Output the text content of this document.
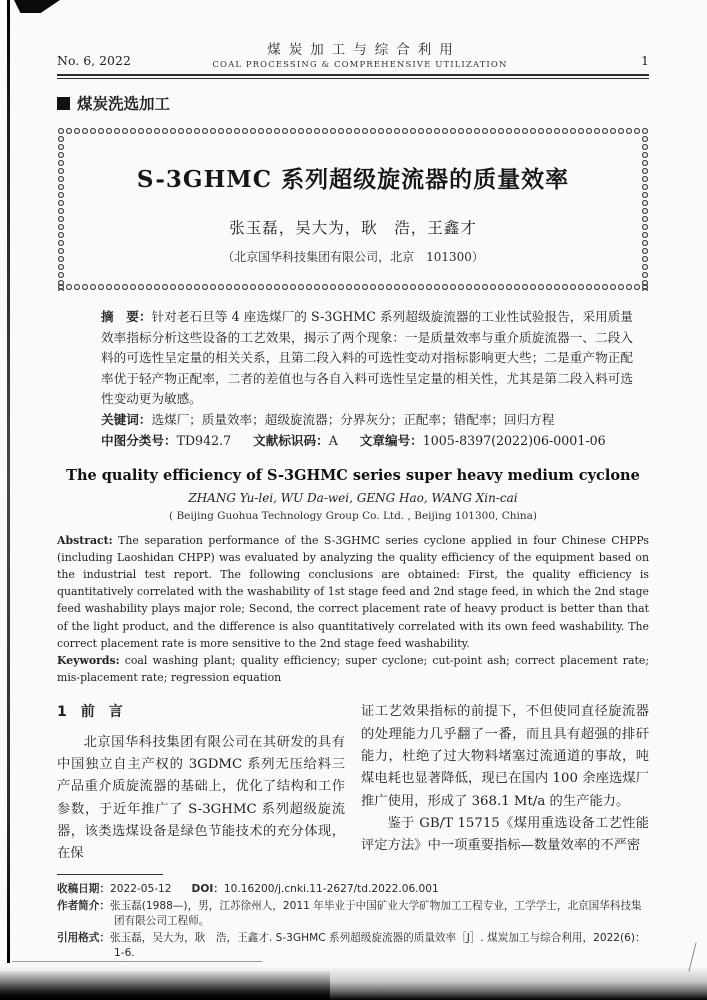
No. 6, 2022
煤炭加工与综合利用
COAL PROCESSING & COMPREHENSIVE UTILIZATION	1
煤炭洗选加工
S-3GHMC 系列超级旋流器的质量效率
张玉磊，吴大为，耿　浩，王鑫才
（北京国华科技集团有限公司，北京　101300）

摘　要：针对老石旦等 4 座选煤厂的 S-3GHMC 系列超级旋流器的工业性试验报告，采用质量效率指标分析这些设备的工艺效果，揭示了两个现象：一是质量效率与重介质旋流器一、二段入料的可选性呈定量的相关关系，且第二段入料的可选性变动对指标影响更大些；二是重产物正配率优于轻产物正配率，二者的差值也与各自入料可选性呈定量的相关性，尤其是第二段入料可选性变动更为敏感。

关键词：选煤厂；质量效率；超级旋流器；分界灰分；正配率；错配率；回归方程

中图分类号：TD942.7 文献标识码：A 文章编号：1005-8397(2022)06-0001-06

The quality efficiency of S-3GHMC series super heavy medium cyclone
ZHANG Yu-lei, WU Da-wei, GENG Hao, WANG Xin-cai
( Beijing Guohua Technology Group Co. Ltd. , Beijing 101300, China)

Abstract: The separation performance of the S-3GHMC series cyclone applied in four Chinese CHPPs (including Laoshidan CHPP) was evaluated by analyzing the quality efficiency of the equipment based on the industrial test report. The following conclusions are obtained: First, the quality efficiency is quantitatively correlated with the washability of 1st stage feed and 2nd stage feed, in which the 2nd stage feed washability plays major role; Second, the correct placement rate of heavy product is better than that of the light product, and the difference is also quantitatively correlated with its own feed washability. The correct placement rate is more sensitive to the 2nd stage feed washability.

Keywords: coal washing plant; quality efficiency; super cyclone; cut-point ash; correct placement rate; mis-placement rate; regression equation

1　前　言

北京国华科技集团有限公司在其研发的具有中国独立自主产权的 3GDMC 系列无压给料三产品重介质旋流器的基础上，优化了结构和工作参数，于近年推广了 S-3GHMC 系列超级旋流器，该类选煤设备是绿色节能技术的充分体现，在保

证工艺效果指标的前提下，不但使同直径旋流器的处理能力几乎翻了一番，而且具有超强的排矸能力，杜绝了过大物料堵塞过流通道的事故，吨煤电耗也显著降低，现已在国内 100 余座选煤厂推广使用，形成了 368.1 Mt/a 的生产能力。

鉴于 GB/T 15715《煤用重选设备工艺性能评定方法》中一项重要指标—数量效率的不严密

收稿日期：2022-05-12 DOI：10.16200/j.cnki.11-2627/td.2022.06.001

作者简介：张玉磊(1988—)，男，江苏徐州人，2011 年毕业于中国矿业大学矿物加工工程专业，工学学士，北京国华科技集团有限公司工程师。

引用格式：张玉磊，吴大为，耿　浩，王鑫才. S-3GHMC 系列超级旋流器的质量效率［J］. 煤炭加工与综合利用，2022(6)：1-6.
